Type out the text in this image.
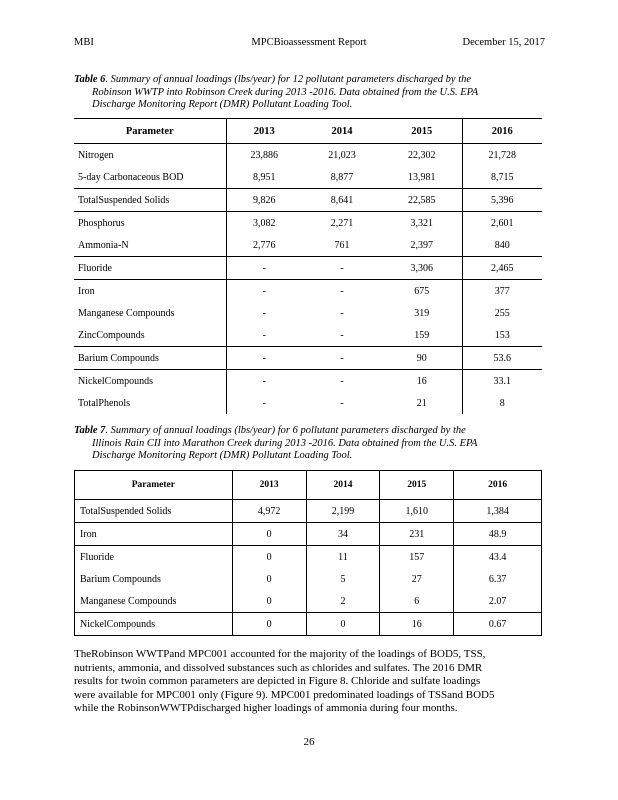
MBI	MPCBioassessment Report	December 15, 2017
Table 6. Summary of annual loadings (lbs/year) for 12 pollutant parameters discharged by the
Robinson WWTP into Robinson Creek during 2013 -2016. Data obtained from the U.S. EPA
Discharge Monitoring Report (DMR) Pollutant Loading Tool.
Parameter	2013	2014	2015	2016
Nitrogen	23,886	21,023	22,302	21,728
5-day Carbonaceous BOD	8,951	8,877	13,981	8,715
TotalSuspended Solids	9,826	8,641	22,585	5,396
Phosphorus	3,082	2,271	3,321	2,601
Ammonia-N	2,776	761	2,397	840
Fluoride	-	-	3,306	2,465
Iron	-	-	675	377
Manganese Compounds	-	-	319	255
ZincCompounds	-	-	159	153
Barium Compounds	-	-	90	53.6
NickelCompounds	-	-	16	33.1
TotalPhenols	-	-	21	8
Table 7. Summary of annual loadings (lbs/year) for 6 pollutant parameters discharged by the
Illinois Rain CII into Marathon Creek during 2013 -2016. Data obtained from the U.S. EPA
Discharge Monitoring Report (DMR) Pollutant Loading Tool.
Parameter	2013	2014	2015	2016
TotalSuspended Solids	4,972	2,199	1,610	1,384
Iron	0	34	231	48.9
Fluoride	0	11	157	43.4
Barium Compounds	0	5	27	6.37
Manganese Compounds	0	2	6	2.07
NickelCompounds	0	0	16	0.67

TheRobinson WWTPand MPC001 accounted for the majority of the loadings of BOD5, TSS,

nutrients, ammonia, and dissolved substances such as chlorides and sulfates. The 2016 DMR

results for twoin common parameters are depicted in Figure 8. Chloride and sulfate loadings

were available for MPC001 only (Figure 9). MPC001 predominated loadings of TSSand BOD5

while the RobinsonWWTPdischarged higher loadings of ammonia during four months.

26
